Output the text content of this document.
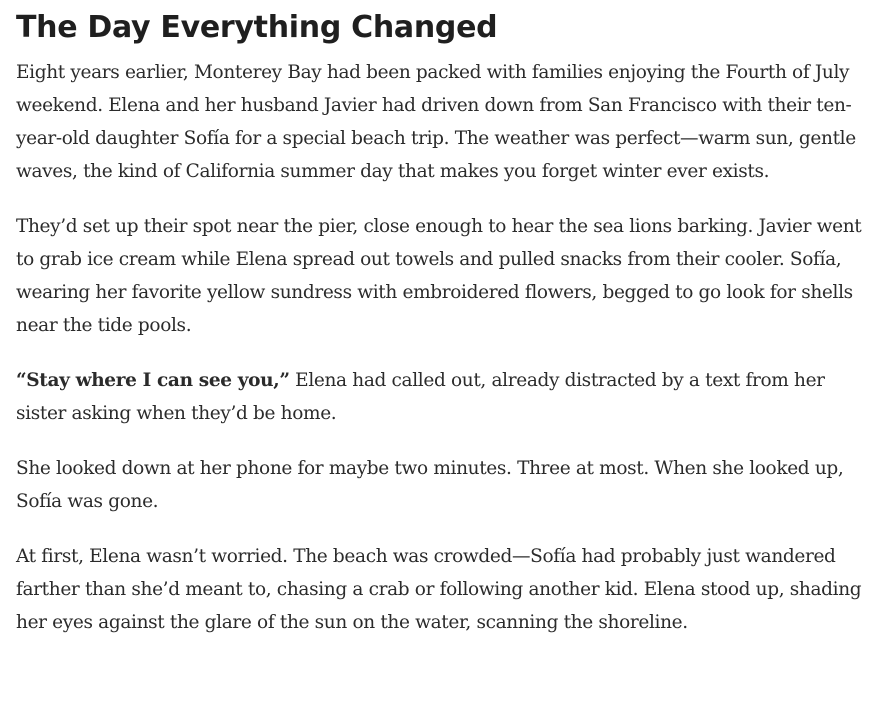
The Day Everything Changed

Eight years earlier, Monterey Bay had been packed with families enjoying the Fourth of July weekend. Elena and her husband Javier had driven down from San Francisco with their ten-year-old daughter Sofía for a special beach trip. The weather was perfect—warm sun, gentle waves, the kind of California summer day that makes you forget winter ever exists.

They’d set up their spot near the pier, close enough to hear the sea lions barking. Javier went to grab ice cream while Elena spread out towels and pulled snacks from their cooler. Sofía, wearing her favorite yellow sundress with embroidered flowers, begged to go look for shells near the tide pools.

“Stay where I can see you,” Elena had called out, already distracted by a text from her sister asking when they’d be home.

She looked down at her phone for maybe two minutes. Three at most. When she looked up, Sofía was gone.

At first, Elena wasn’t worried. The beach was crowded—Sofía had probably just wandered farther than she’d meant to, chasing a crab or following another kid. Elena stood up, shading her eyes against the glare of the sun on the water, scanning the shoreline.
